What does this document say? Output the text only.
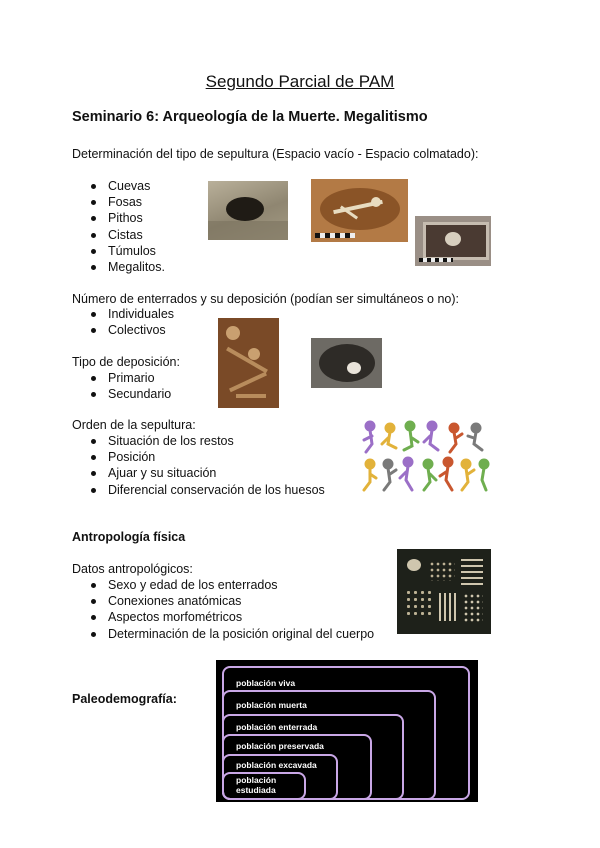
Segundo Parcial de PAM
Seminario 6: Arqueología de la Muerte. Megalitismo
Determinación del tipo de sepultura (Espacio vacío - Espacio colmatado):
Cuevas
Fosas
Pithos
Cistas
Túmulos
Megalitos.
Número de enterrados y su deposición (podían ser simultáneos o no):
Individuales
Colectivos
Tipo de deposición:
Primario
Secundario
Orden de la sepultura:
Situación de los restos
Posición
Ajuar y su situación
Diferencial conservación de los huesos
Antropología física
Datos antropológicos:
Sexo y edad de los enterrados
Conexiones anatómicas
Aspectos morfométricos
Determinación de la posición original del cuerpo
Paleodemografía:
población viva
población muerta
población enterrada
población preservada
población excavada
población estudiada
